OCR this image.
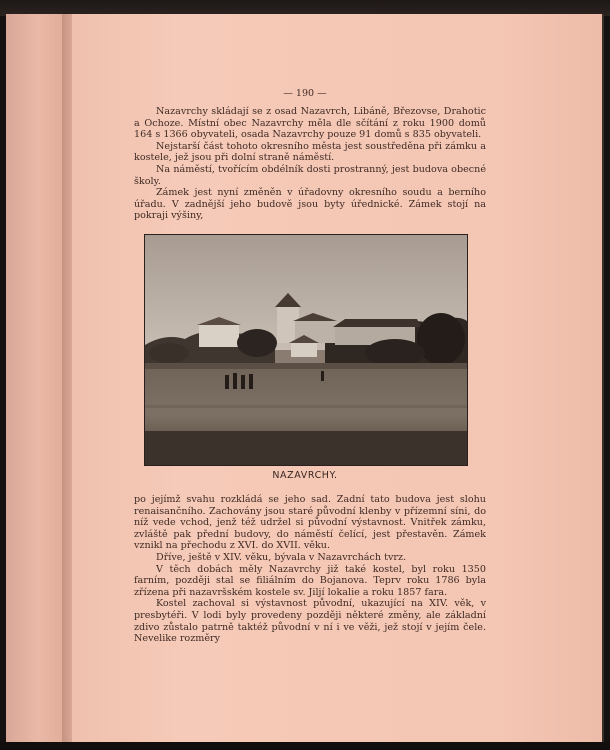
— 190 —

Nazavrchy skládají se z osad Nazavrch, Libáně, Březovse, Drahotic a Ochoze. Místní obec Nazavrchy měla dle sčítání z roku 1900 domů 164 s 1366 obyvateli, osada Nazavrchy pouze 91 domů s 835 obyvateli.

Nejstarší část tohoto okresního města jest soustředěna při zámku a kostele, jež jsou při dolní straně náměstí.

Na náměstí, tvořícím obdélník dosti prostranný, jest budova obecné školy.

Zámek jest nyní změněn v úřadovny okresního soudu a berního úřadu. V zadnější jeho budově jsou byty úřednické. Zámek stojí na pokraji výšiny,

NAZAVRCHY.

po jejímž svahu rozkládá se jeho sad. Zadní tato budova jest slohu renaisančního. Zachovány jsou staré původní klenby v přízemní síni, do níž vede vchod, jenž též udržel si původní výstavnost. Vnitřek zámku, zvláště pak přední budovy, do náměstí čelící, jest přestavěn. Zámek vznikl na přechodu z XVI. do XVII. věku.

Dříve, ještě v XIV. věku, bývala v Nazavrchách tvrz.

V těch dobách měly Nazavrchy již také kostel, byl roku 1350 farním, později stal se filiálním do Bojanova. Teprv roku 1786 byla zřízena při nazavršském kostele sv. Jiljí lokalie a roku 1857 fara.

Kostel zachoval si výstavnost původní, ukazující na XIV. věk, v presbytéři. V lodi byly provedeny později některé změny, ale základní zdivo zůstalo patrně taktéž původní v ní i ve věži, jež stojí v jejím čele. Nevelike rozměry
